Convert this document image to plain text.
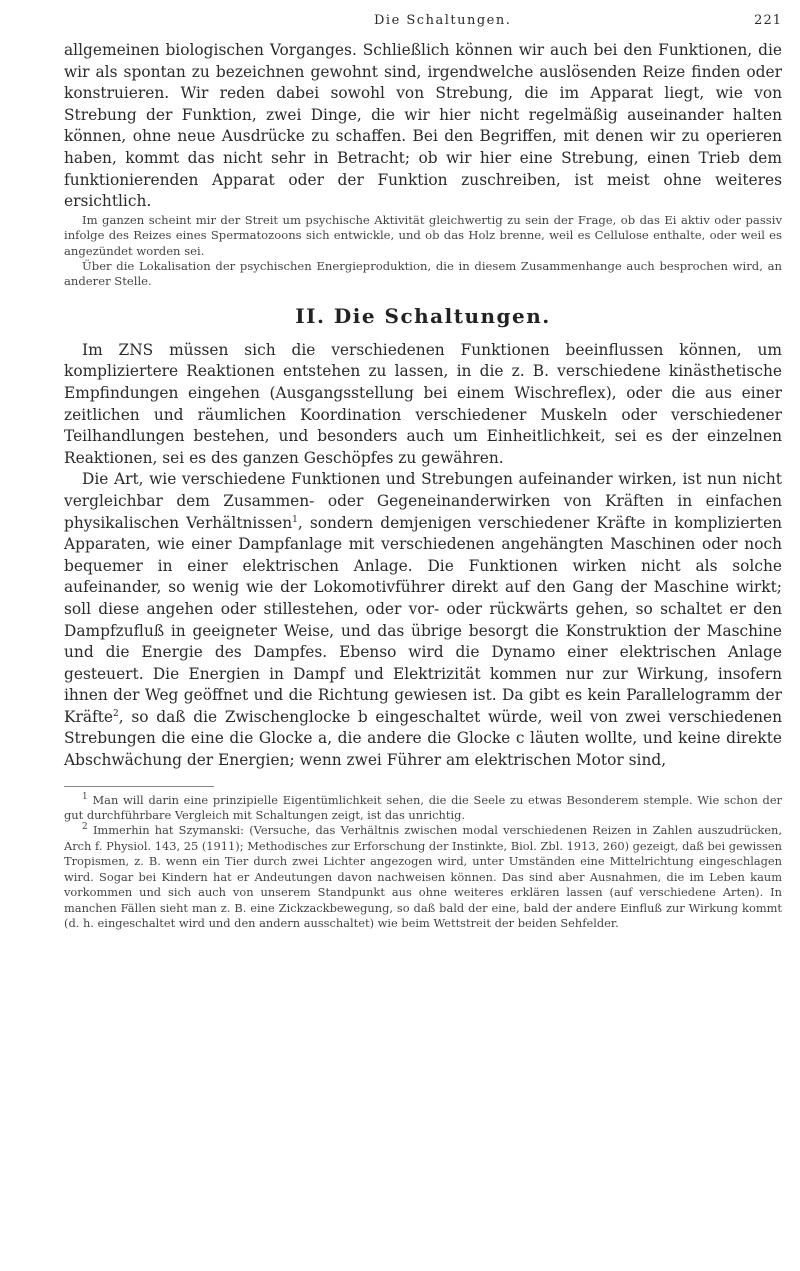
Die Schaltungen.	221

allgemeinen biologischen Vorganges. Schließlich können wir auch bei den Funktionen, die wir als spontan zu bezeichnen gewohnt sind, irgendwelche auslösenden Reize finden oder konstruieren. Wir reden dabei sowohl von Strebung, die im Apparat liegt, wie von Strebung der Funktion, zwei Dinge, die wir hier nicht regelmäßig auseinander halten können, ohne neue Ausdrücke zu schaffen. Bei den Begriffen, mit denen wir zu operieren haben, kommt das nicht sehr in Betracht; ob wir hier eine Strebung, einen Trieb dem funktionierenden Apparat oder der Funktion zuschreiben, ist meist ohne weiteres ersichtlich.

Im ganzen scheint mir der Streit um psychische Aktivität gleichwertig zu sein der Frage, ob das Ei aktiv oder passiv infolge des Reizes eines Spermatozoons sich entwickle, und ob das Holz brenne, weil es Cellulose enthalte, oder weil es angezündet worden sei.

Über die Lokalisation der psychischen Energieproduktion, die in diesem Zusammenhange auch besprochen wird, an anderer Stelle.

II. Die Schaltungen.

Im ZNS müssen sich die verschiedenen Funktionen beeinflussen können, um kompliziertere Reaktionen entstehen zu lassen, in die z. B. verschiedene kinästhetische Empfindungen eingehen (Ausgangsstellung bei einem Wischreflex), oder die aus einer zeitlichen und räumlichen Koordination verschiedener Muskeln oder verschiedener Teilhandlungen bestehen, und besonders auch um Einheitlichkeit, sei es der einzelnen Reaktionen, sei es des ganzen Geschöpfes zu gewähren.

Die Art, wie verschiedene Funktionen und Strebungen aufeinander wirken, ist nun nicht vergleichbar dem Zusammen- oder Gegeneinanderwirken von Kräften in einfachen physikalischen Verhältnissen$^1$, sondern demjenigen verschiedener Kräfte in komplizierten Apparaten, wie einer Dampfanlage mit verschiedenen angehängten Maschinen oder noch bequemer in einer elektrischen Anlage. Die Funktionen wirken nicht als solche aufeinander, so wenig wie der Lokomotivführer direkt auf den Gang der Maschine wirkt; soll diese angehen oder stillestehen, oder vor- oder rückwärts gehen, so schaltet er den Dampfzufluß in geeigneter Weise, und das übrige besorgt die Konstruktion der Maschine und die Energie des Dampfes. Ebenso wird die Dynamo einer elektrischen Anlage gesteuert. Die Energien in Dampf und Elektrizität kommen nur zur Wirkung, insofern ihnen der Weg geöffnet und die Richtung gewiesen ist. Da gibt es kein Parallelogramm der Kräfte$^2$, so daß die Zwischenglocke b eingeschaltet würde, weil von zwei verschiedenen Strebungen die eine die Glocke a, die andere die Glocke c läuten wollte, und keine direkte Abschwächung der Energien; wenn zwei Führer am elektrischen Motor sind,

$^1$ Man will darin eine prinzipielle Eigentümlichkeit sehen, die die Seele zu etwas Besonderem stemple. Wie schon der gut durchführbare Vergleich mit Schaltungen zeigt, ist das unrichtig.

$^2$ Immerhin hat Szymanski: (Versuche, das Verhältnis zwischen modal verschiedenen Reizen in Zahlen auszudrücken, Arch f. Physiol. 143, 25 (1911); Methodisches zur Erforschung der Instinkte, Biol. Zbl. 1913, 260) gezeigt, daß bei gewissen Tropismen, z. B. wenn ein Tier durch zwei Lichter angezogen wird, unter Umständen eine Mittelrichtung eingeschlagen wird. Sogar bei Kindern hat er Andeutungen davon nachweisen können. Das sind aber Ausnahmen, die im Leben kaum vorkommen und sich auch von unserem Standpunkt aus ohne weiteres erklären lassen (auf verschiedene Arten). In manchen Fällen sieht man z. B. eine Zickzackbewegung, so daß bald der eine, bald der andere Einfluß zur Wirkung kommt (d. h. eingeschaltet wird und den andern ausschaltet) wie beim Wettstreit der beiden Sehfelder.
